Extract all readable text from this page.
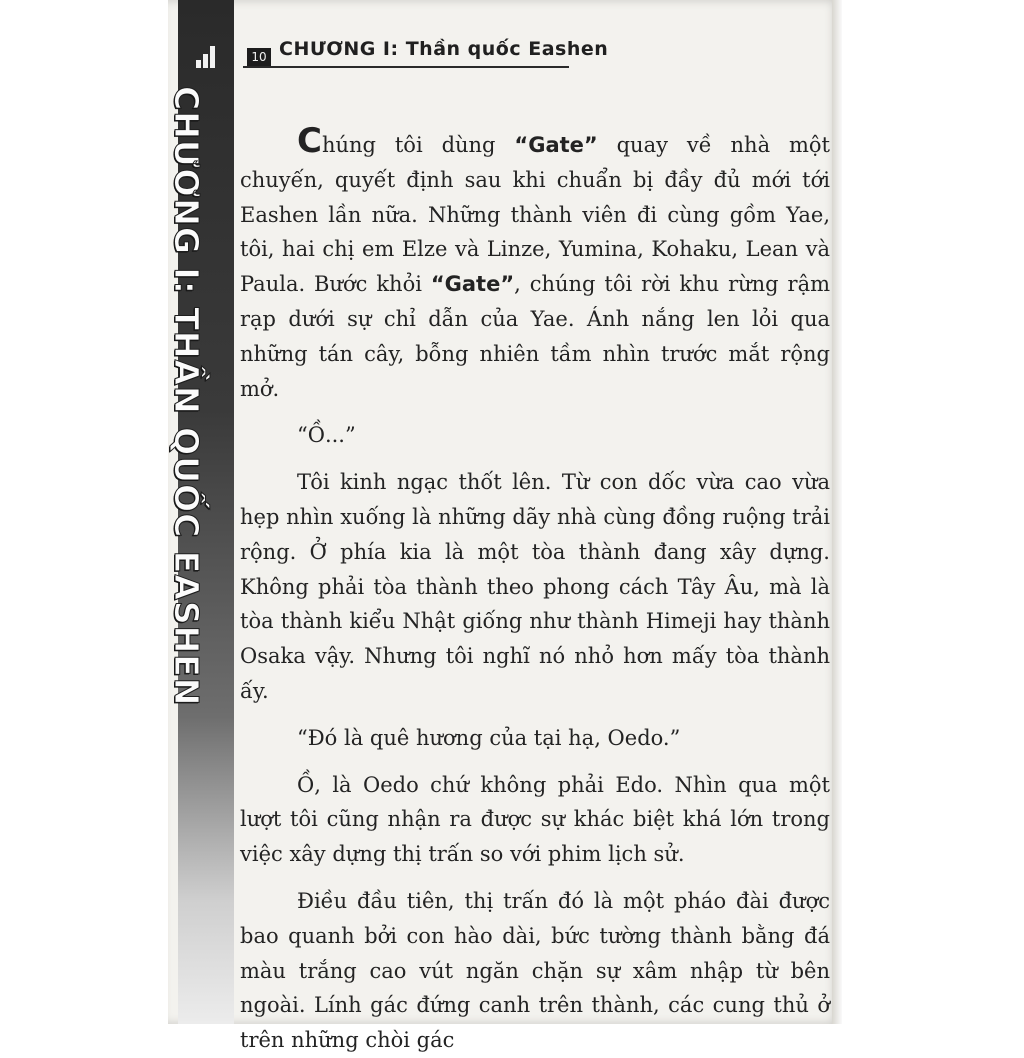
CHƯƠNG I: THẦN QUỐC EASHEN
10 CHƯƠNG I: Thần quốc Eashen

Chúng tôi dùng “Gate” quay về nhà một chuyến, quyết định sau khi chuẩn bị đầy đủ mới tới Eashen lần nữa. Những thành viên đi cùng gồm Yae, tôi, hai chị em Elze và Linze, Yumina, Kohaku, Lean và Paula. Bước khỏi “Gate”, chúng tôi rời khu rừng rậm rạp dưới sự chỉ dẫn của Yae. Ánh nắng len lỏi qua những tán cây, bỗng nhiên tầm nhìn trước mắt rộng mở.

“Ồ...”

Tôi kinh ngạc thốt lên. Từ con dốc vừa cao vừa hẹp nhìn xuống là những dãy nhà cùng đồng ruộng trải rộng. Ở phía kia là một tòa thành đang xây dựng. Không phải tòa thành theo phong cách Tây Âu, mà là tòa thành kiểu Nhật giống như thành Himeji hay thành Osaka vậy. Nhưng tôi nghĩ nó nhỏ hơn mấy tòa thành ấy.

“Đó là quê hương của tại hạ, Oedo.”

Ồ, là Oedo chứ không phải Edo. Nhìn qua một lượt tôi cũng nhận ra được sự khác biệt khá lớn trong việc xây dựng thị trấn so với phim lịch sử.

Điều đầu tiên, thị trấn đó là một pháo đài được bao quanh bởi con hào dài, bức tường thành bằng đá màu trắng cao vút ngăn chặn sự xâm nhập từ bên ngoài. Lính gác đứng canh trên thành, các cung thủ ở trên những chòi gác
